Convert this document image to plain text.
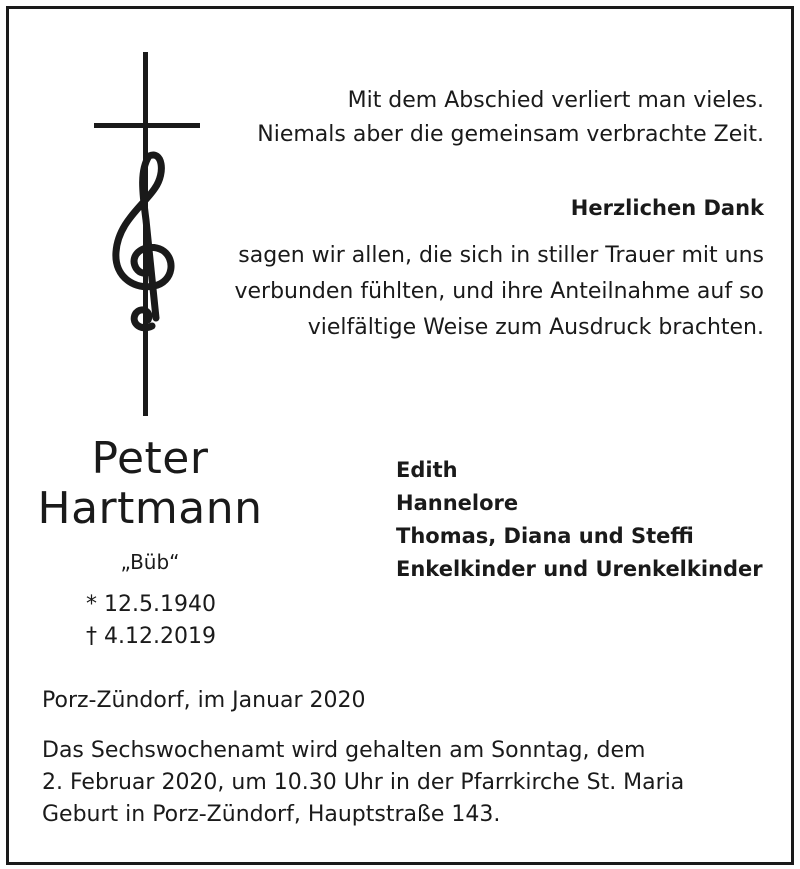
Mit dem Abschied verliert man vieles.
Niemals aber die gemeinsam verbrachte Zeit.
Herzlichen Dank
sagen wir allen, die sich in stiller Trauer mit uns
verbunden fühlten, und ihre Anteilnahme auf so
vielfältige Weise zum Ausdruck brachten.
Peter
Hartmann
„Büb“
* 12.5.1940
† 4.12.2019
Edith
Hannelore
Thomas, Diana und Steffi
Enkelkinder und Urenkelkinder
Porz-Zündorf, im Januar 2020
Das Sechswochenamt wird gehalten am Sonntag, dem
2. Februar 2020, um 10.30 Uhr in der Pfarrkirche St. Maria
Geburt in Porz-Zündorf, Hauptstraße 143.
